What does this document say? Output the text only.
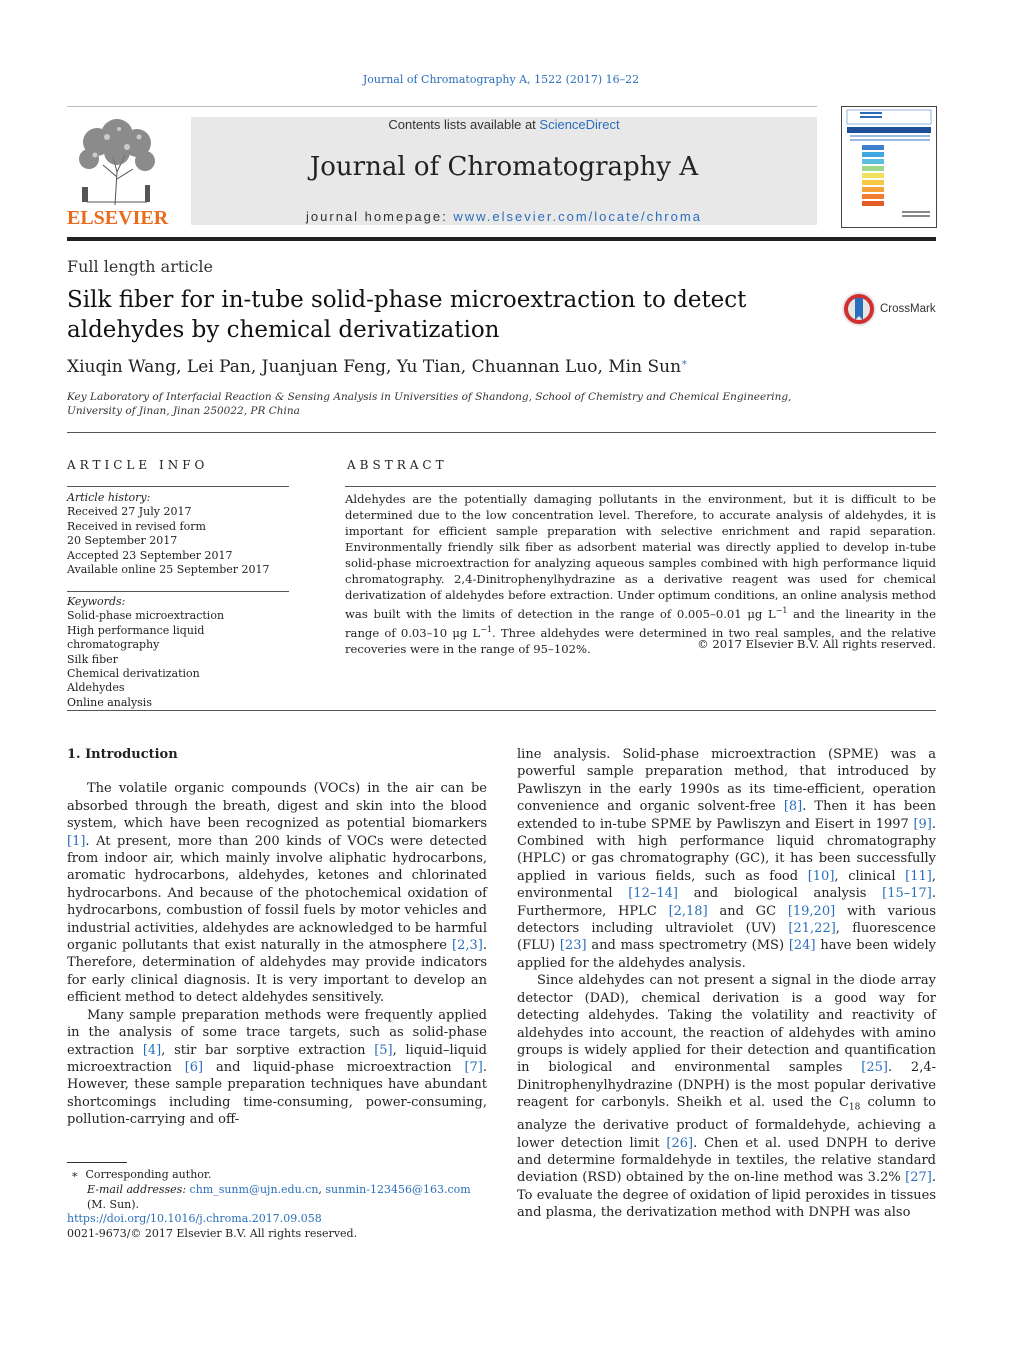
Journal of Chromatography A, 1522 (2017) 16–22
ELSEVIER
Contents lists available at ScienceDirect
Journal of Chromatography A
journal homepage: www.elsevier.com/locate/chroma
Full length article
Silk fiber for in-tube solid-phase microextraction to detect aldehydes by chemical derivatization
CrossMark
Xiuqin Wang, Lei Pan, Juanjuan Feng, Yu Tian, Chuannan Luo, Min Sun∗
Key Laboratory of Interfacial Reaction & Sensing Analysis in Universities of Shandong, School of Chemistry and Chemical Engineering, University of Jinan, Jinan 250022, PR China
ARTICLE INFO	ABSTRACT
Article history:
Received 27 July 2017
Received in revised form
20 September 2017
Accepted 23 September 2017
Available online 25 September 2017
Keywords:
Solid-phase microextraction
High performance liquid chromatography
Silk fiber
Chemical derivatization
Aldehydes
Online analysis
Aldehydes are the potentially damaging pollutants in the environment, but it is difficult to be determined due to the low concentration level. Therefore, to accurate analysis of aldehydes, it is important for efficient sample preparation with selective enrichment and rapid separation. Environmentally friendly silk fiber as adsorbent material was directly applied to develop in-tube solid-phase microextraction for analyzing aqueous samples combined with high performance liquid chromatography. 2,4-Dinitrophenylhydrazine as a derivative reagent was used for chemical derivatization of aldehydes before extraction. Under optimum conditions, an online analysis method was built with the limits of detection in the range of 0.005–0.01 μg $L^{-1}$ and the linearity in the range of 0.03–10 μg $L^{-1}$. Three aldehydes were determined in two real samples, and the relative recoveries were in the range of 95–102%.	© 2017 Elsevier B.V. All rights reserved.
1. Introduction

The volatile organic compounds (VOCs) in the air can be absorbed through the breath, digest and skin into the blood system, which have been recognized as potential biomarkers [1]. At present, more than 200 kinds of VOCs were detected from indoor air, which mainly involve aliphatic hydrocarbons, aromatic hydrocarbons, aldehydes, ketones and chlorinated hydrocarbons. And because of the photochemical oxidation of hydrocarbons, combustion of fossil fuels by motor vehicles and industrial activities, aldehydes are acknowledged to be harmful organic pollutants that exist naturally in the atmosphere [2,3]. Therefore, determination of aldehydes may provide indicators for early clinical diagnosis. It is very important to develop an efficient method to detect aldehydes sensitively.

Many sample preparation methods were frequently applied in the analysis of some trace targets, such as solid-phase extraction [4], stir bar sorptive extraction [5], liquid–liquid microextraction [6] and liquid-phase microextraction [7]. However, these sample preparation techniques have abundant shortcomings including time-consuming, power-consuming, pollution-carrying and off-

line analysis. Solid-phase microextraction (SPME) was a powerful sample preparation method, that introduced by Pawliszyn in the early 1990s as its time-efficient, operation convenience and organic solvent-free [8]. Then it has been extended to in-tube SPME by Pawliszyn and Eisert in 1997 [9]. Combined with high performance liquid chromatography (HPLC) or gas chromatography (GC), it has been successfully applied in various fields, such as food [10], clinical [11], environmental [12–14] and biological analysis [15–17]. Furthermore, HPLC [2,18] and GC [19,20] with various detectors including ultraviolet (UV) [21,22], fluorescence (FLU) [23] and mass spectrometry (MS) [24] have been widely applied for the aldehydes analysis.

Since aldehydes can not present a signal in the diode array detector (DAD), chemical derivation is a good way for detecting aldehydes. Taking the volatility and reactivity of aldehydes into account, the reaction of aldehydes with amino groups is widely applied for their detection and quantification in biological and environmental samples [25]. 2,4-Dinitrophenylhydrazine (DNPH) is the most popular derivative reagent for carbonyls. Sheikh et al. used the $C_{18}$ column to analyze the derivative product of formaldehyde, achieving a lower detection limit [26]. Chen et al. used DNPH to derive and determine formaldehyde in textiles, the relative standard deviation (RSD) obtained by the on-line method was 3.2% [27]. To evaluate the degree of oxidation of lipid peroxides in tissues and plasma, the derivatization method with DNPH was also

∗ Corresponding author.
E-mail addresses: chm_sunm@ujn.edu.cn, sunmin-123456@163.com (M. Sun).
https://doi.org/10.1016/j.chroma.2017.09.058
0021-9673/© 2017 Elsevier B.V. All rights reserved.
